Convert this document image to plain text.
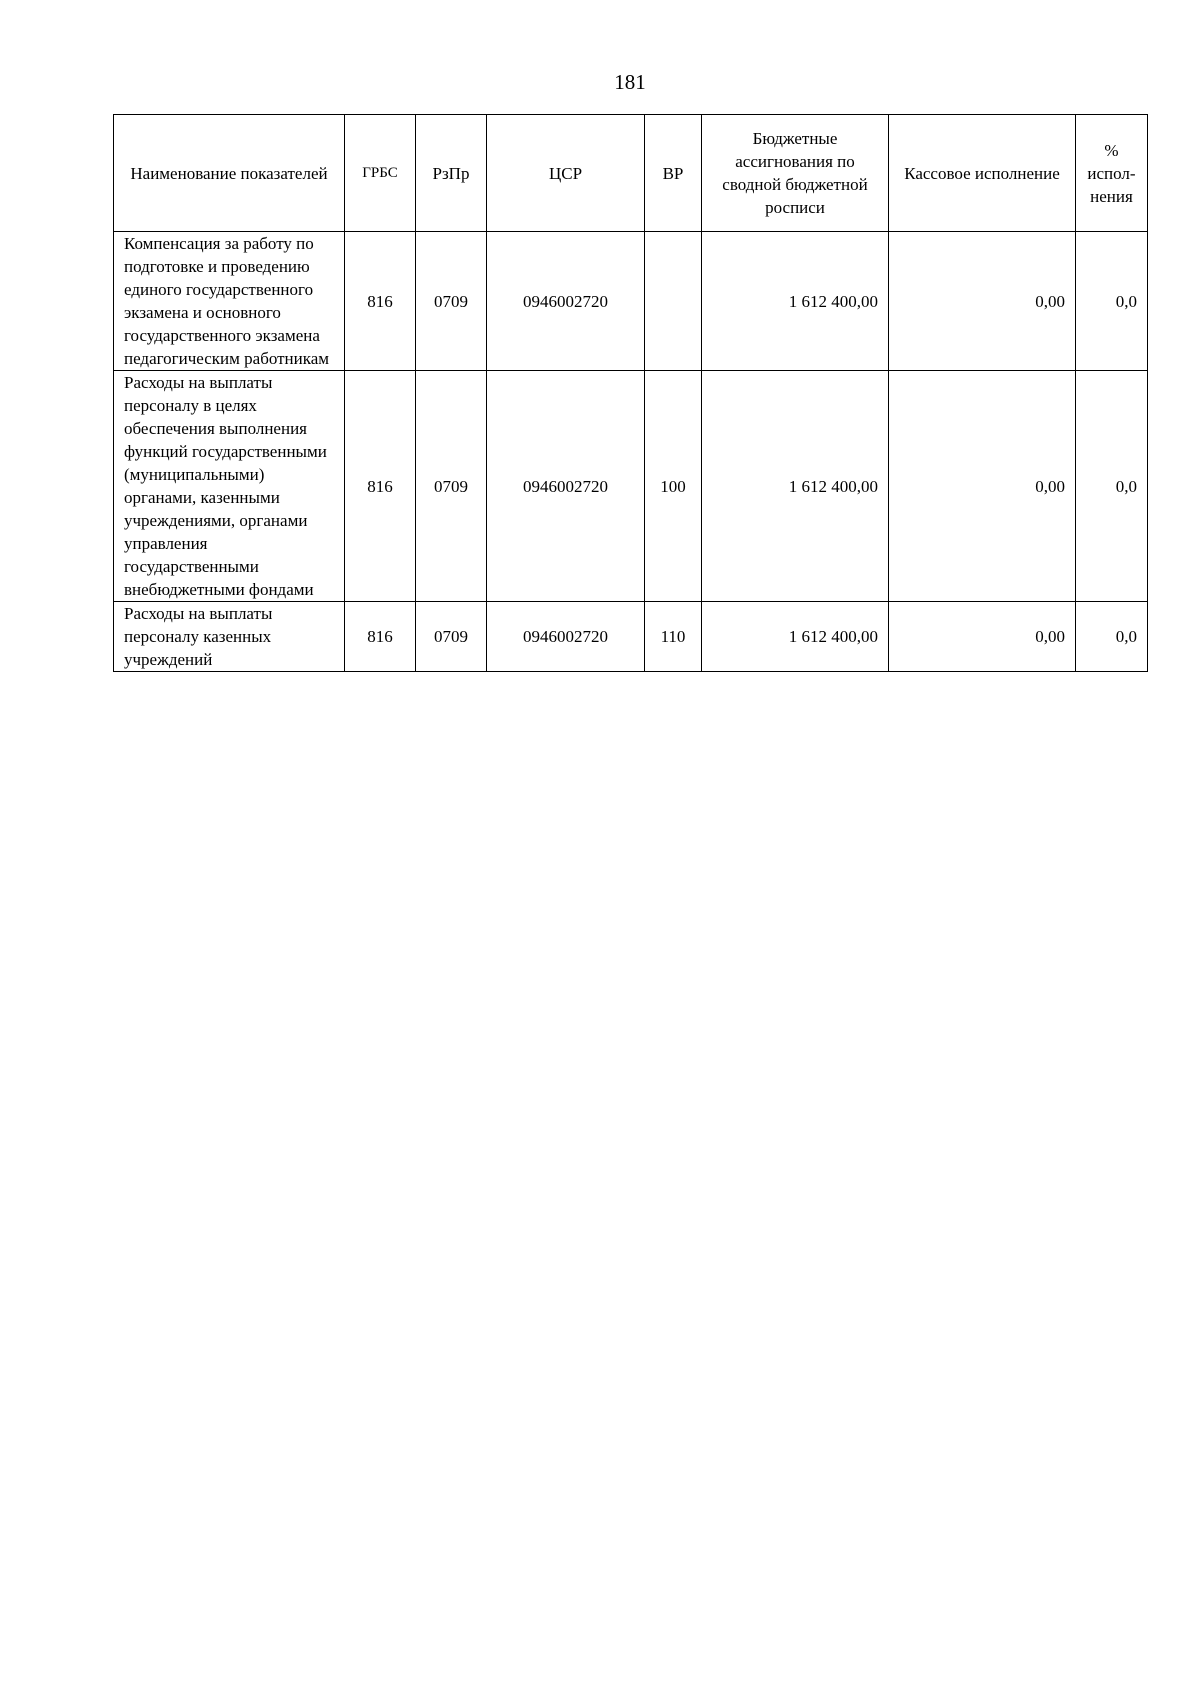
181
Наименование показателей	ГРБС	РзПр	ЦСР	ВР	Бюджетные ассигнования по сводной бюджетной росписи	Кассовое исполнение	% испол-нения
Компенсация за работу по подготовке и проведению единого государственного экзамена и основного государственного экзамена педагогическим работникам	816	0709	0946002720		1 612 400,00	0,00	0,0
Расходы на выплаты персоналу в целях обеспечения выполнения функций государственными (муниципальными) органами, казенными учреждениями, органами управления государственными внебюджетными фондами	816	0709	0946002720	100	1 612 400,00	0,00	0,0
Расходы на выплаты персоналу казенных учреждений	816	0709	0946002720	110	1 612 400,00	0,00	0,0
